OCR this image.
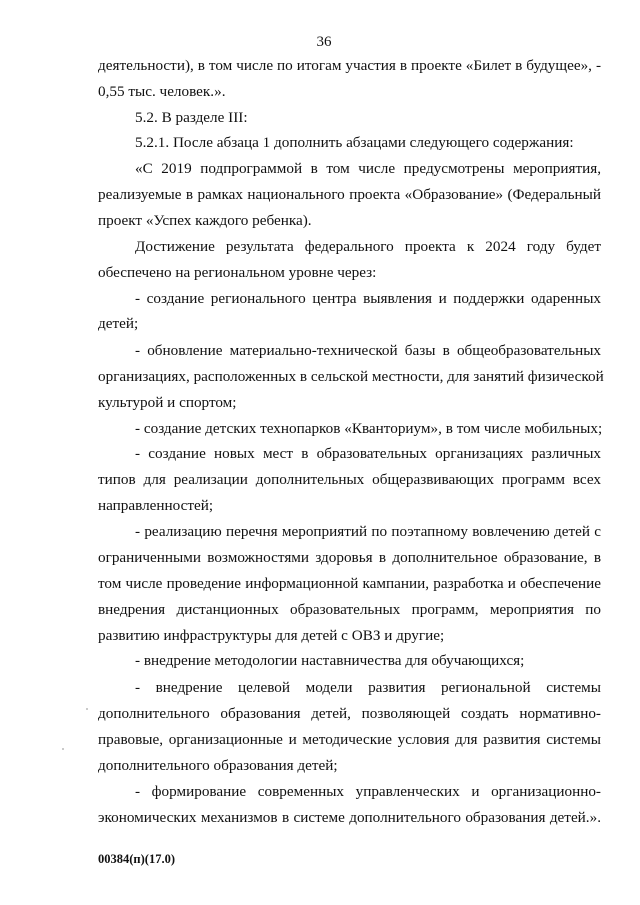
36
деятельности), в том числе по итогам участия в проекте «Билет в будущее», -
0,55 тыс. человек.».
5.2. В разделе III:
5.2.1. После абзаца 1 дополнить абзацами следующего содержания:
«С 2019 подпрограммой в том числе предусмотрены мероприятия,
реализуемые в рамках национального проекта «Образование» (Федеральный
проект «Успех каждого ребенка).
Достижение результата федерального проекта к 2024 году будет
обеспечено на региональном уровне через:
- создание регионального центра выявления и поддержки одаренных
детей;
- обновление материально-технической базы в общеобразовательных
организациях, расположенных в сельской местности, для занятий физической
культурой и спортом;
- создание детских технопарков «Кванториум», в том числе мобильных;
- создание новых мест в образовательных организациях различных
типов для реализации дополнительных общеразвивающих программ всех
направленностей;
- реализацию перечня мероприятий по поэтапному вовлечению детей с
ограниченными возможностями здоровья в дополнительное образование, в
том числе проведение информационной кампании, разработка и обеспечение
внедрения дистанционных образовательных программ, мероприятия по
развитию инфраструктуры для детей с ОВЗ и другие;
- внедрение методологии наставничества для обучающихся;
- внедрение целевой модели развития региональной системы
дополнительного образования детей, позволяющей создать нормативно-
правовые, организационные и методические условия для развития системы
дополнительного образования детей;
- формирование современных управленческих и организационно-
экономических механизмов в системе дополнительного образования детей.».
00384(п)(17.0)
